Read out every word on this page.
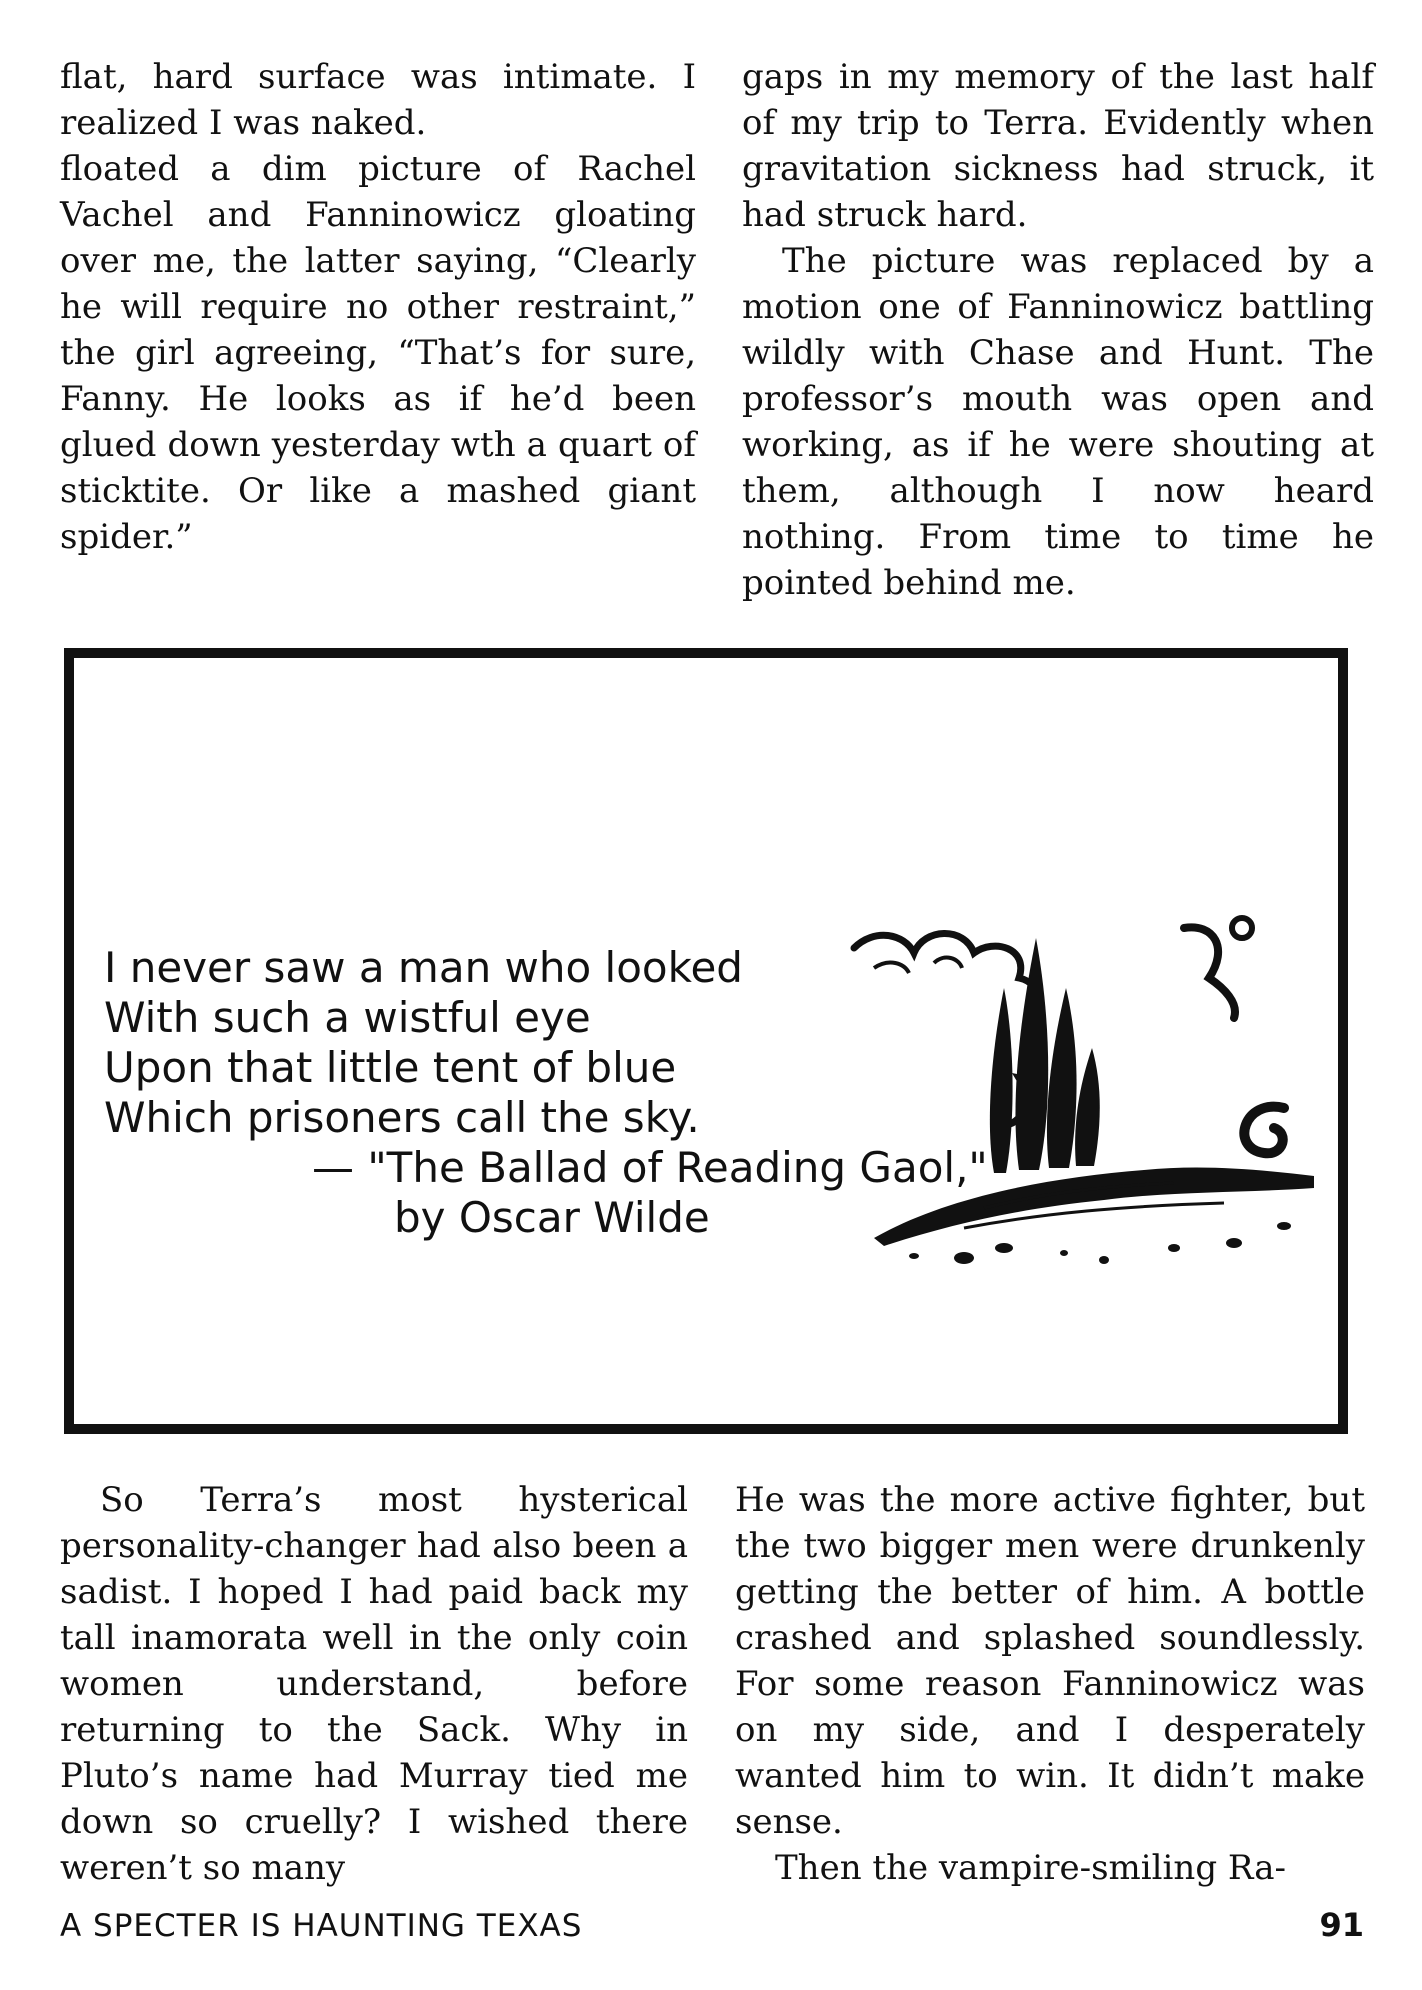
flat, hard surface was intimate. I realized I was naked.

floated a dim picture of Rachel Vachel and Fanninowicz gloating over me, the latter saying, “Clearly he will require no other restraint,” the girl agreeing, “That’s for sure, Fanny. He looks as if he’d been glued down yesterday wth a quart of sticktite. Or like a mashed giant spider.”

gaps in my memory of the last half of my trip to Terra. Evidently when gravitation sickness had struck, it had struck hard.

The picture was replaced by a motion one of Fanninowicz battling wildly with Chase and Hunt. The professor’s mouth was open and working, as if he were shouting at them, although I now heard nothing. From time to time he pointed behind me.

I never saw a man who looked
With such a wistful eye
Upon that little tent of blue
Which prisoners call the sky.
— "The Ballad of Reading Gaol,"
by Oscar Wilde

So Terra’s most hysterical personality-changer had also been a sadist. I hoped I had paid back my tall inamorata well in the only coin women understand, before returning to the Sack. Why in Pluto’s name had Murray tied me down so cruelly? I wished there weren’t so many

He was the more active fighter, but the two bigger men were drunkenly getting the better of him. A bottle crashed and splashed soundlessly. For some reason Fanninowicz was on my side, and I desperately wanted him to win. It didn’t make sense.

Then the vampire-smiling Ra-

A SPECTER IS HAUNTING TEXAS	91
